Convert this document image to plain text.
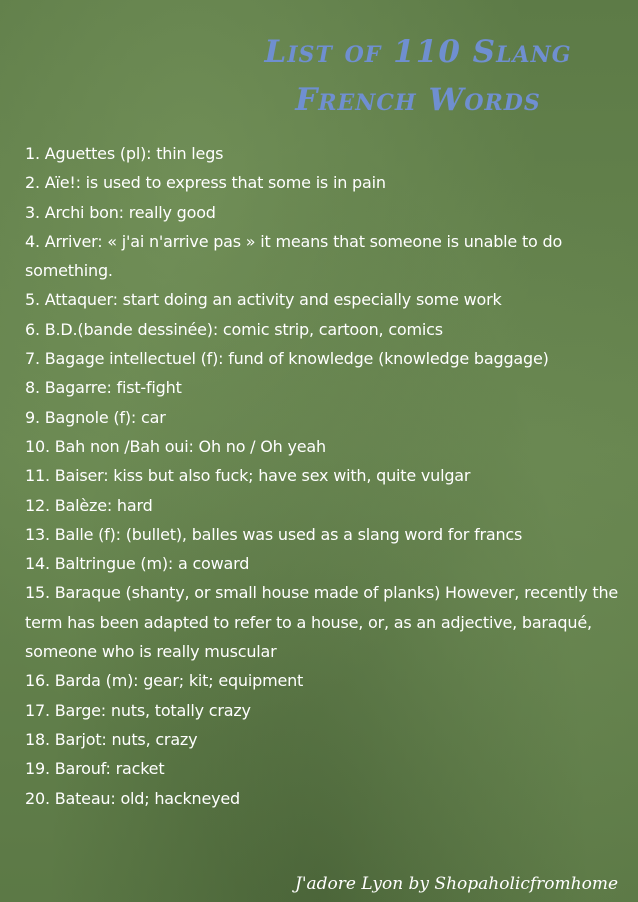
List of 110 Slang
French Words
1. Aguettes (pl): thin legs
2. Aïe!: is used to express that some is in pain
3. Archi bon: really good
4. Arriver: « j'ai n'arrive pas » it means that someone is unable to do something.
5. Attaquer: start doing an activity and especially some work
6. B.D.(bande dessinée): comic strip, cartoon, comics
7. Bagage intellectuel (f): fund of knowledge (knowledge baggage)
8. Bagarre: fist-fight
9. Bagnole (f): car
10. Bah non /Bah oui: Oh no / Oh yeah
11. Baiser: kiss but also fuck; have sex with, quite vulgar
12. Balèze: hard
13. Balle (f): (bullet), balles was used as a slang word for francs
14. Baltringue (m): a coward
15. Baraque (shanty, or small house made of planks) However, recently the term has been adapted to refer to a house, or, as an adjective, baraqué, someone who is really muscular
16. Barda (m): gear; kit; equipment
17. Barge: nuts, totally crazy
18. Barjot: nuts, crazy
19. Barouf: racket
20. Bateau: old; hackneyed
J'adore Lyon by Shopaholicfromhome
